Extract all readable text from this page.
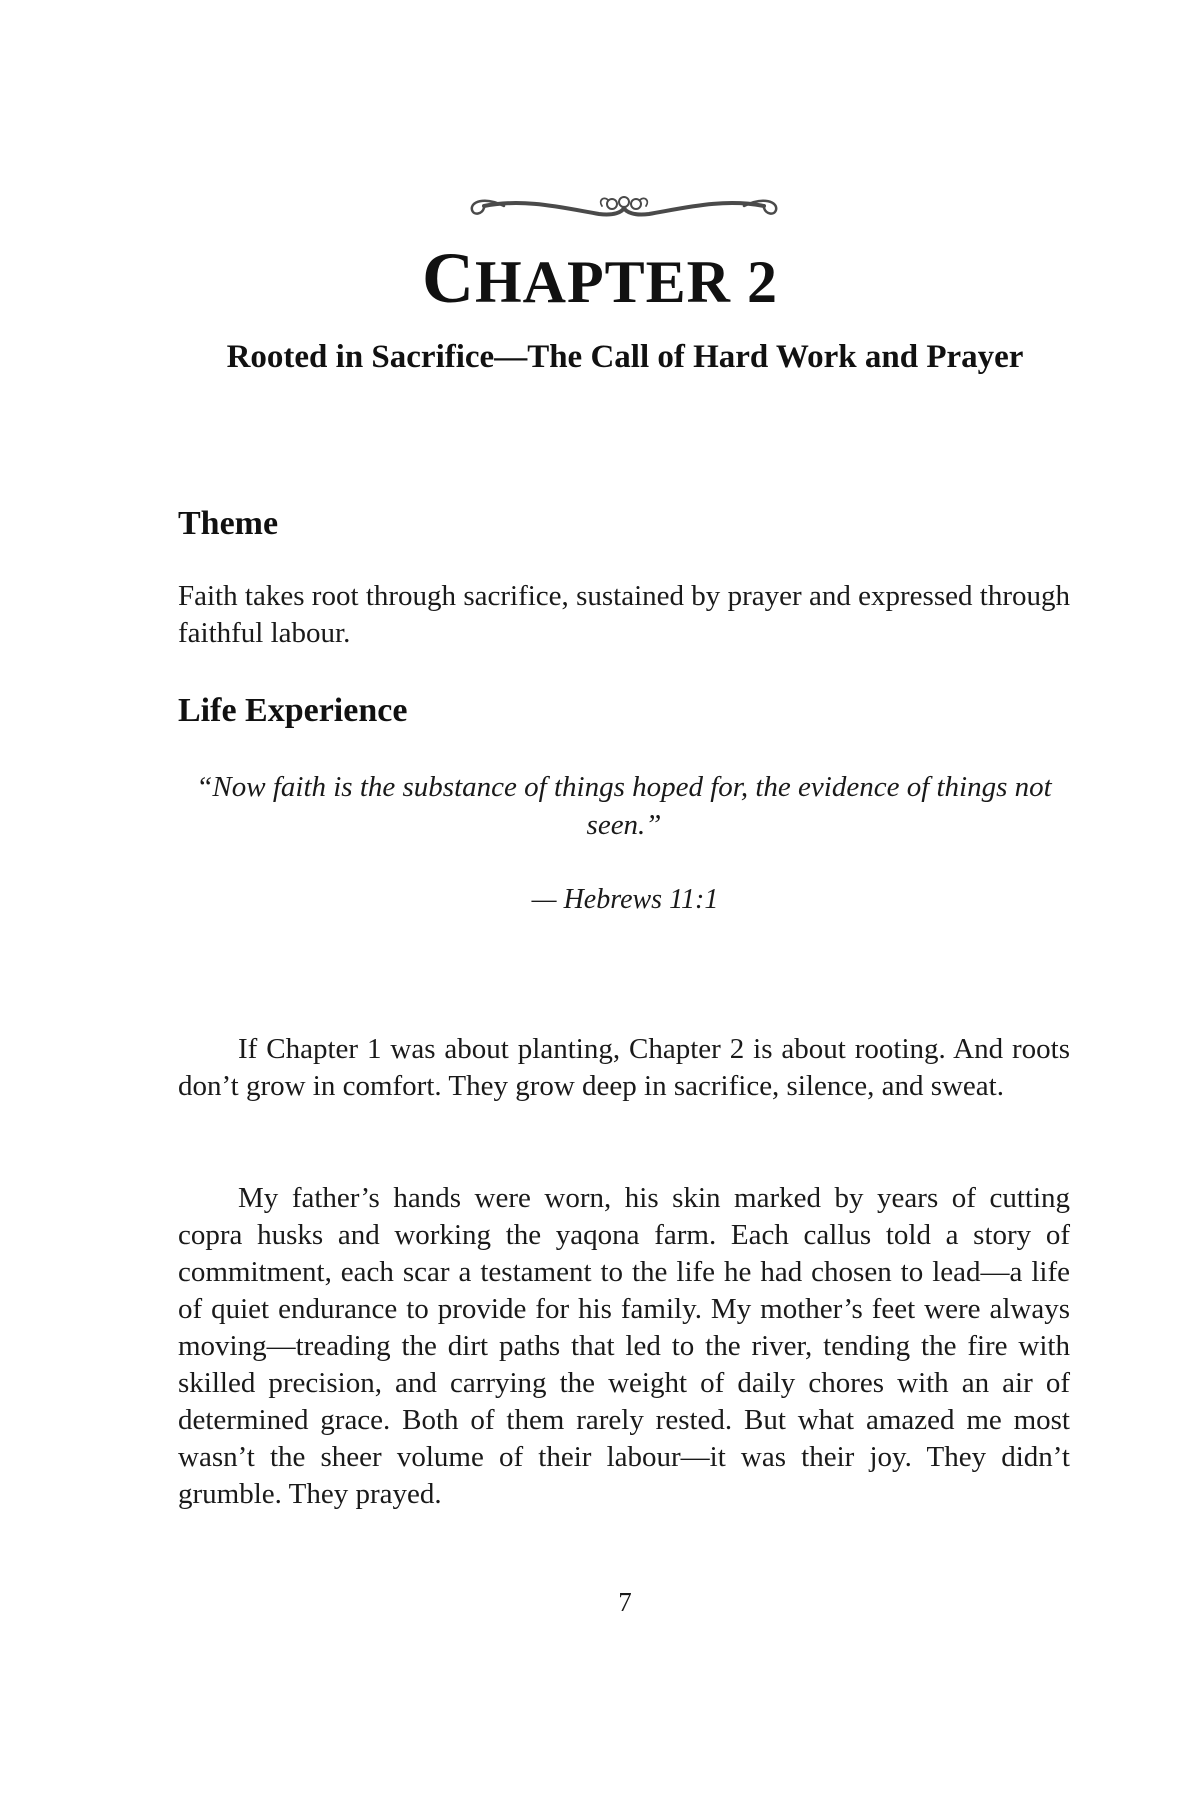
CHAPTER 2
Rooted in Sacrifice—The Call of Hard Work and Prayer
Theme
Faith takes root through sacrifice, sustained by prayer and expressed through faithful labour.
Life Experience
“Now faith is the substance of things hoped for, the evidence of things not seen.”
— Hebrews 11:1
If Chapter 1 was about planting, Chapter 2 is about rooting. And roots don’t grow in comfort. They grow deep in sacrifice, silence, and sweat.
My father’s hands were worn, his skin marked by years of cutting copra husks and working the yaqona farm. Each callus told a story of commitment, each scar a testament to the life he had chosen to lead—a life of quiet endurance to provide for his family. My mother’s feet were always moving—treading the dirt paths that led to the river, tending the fire with skilled precision, and carrying the weight of daily chores with an air of determined grace. Both of them rarely rested. But what amazed me most wasn’t the sheer volume of their labour—it was their joy. They didn’t grumble. They prayed.
7
